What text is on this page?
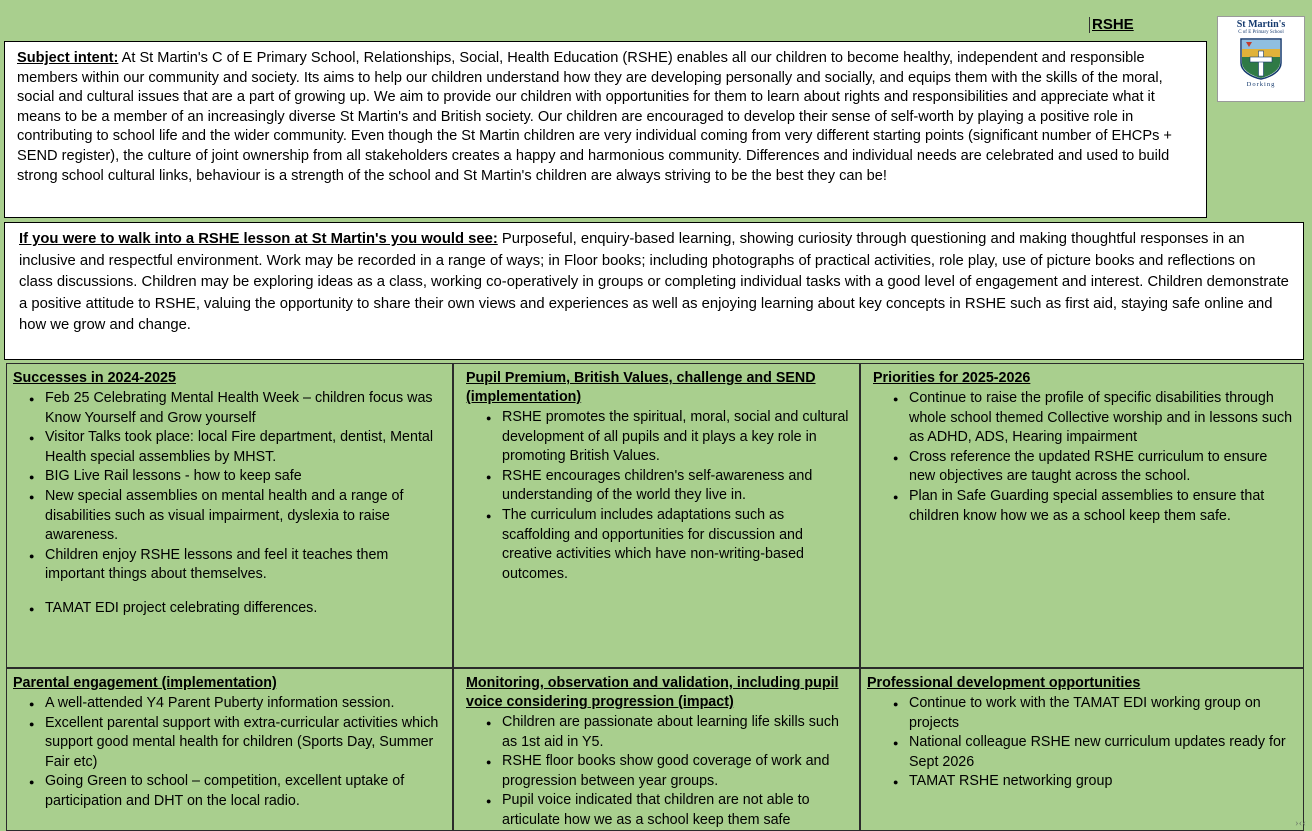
RSHE	St Martin's
C of E Primary School
Dorking
Subject intent: At St Martin's C of E Primary School, Relationships, Social, Health Education (RSHE) enables all our children to become healthy, independent and responsible members within our community and society. Its aims to help our children understand how they are developing personally and socially, and equips them with the skills of the moral, social and cultural issues that are a part of growing up. We aim to provide our children with opportunities for them to learn about rights and responsibilities and appreciate what it means to be a member of an increasingly diverse St Martin's and British society. Our children are encouraged to develop their sense of self-worth by playing a positive role in contributing to school life and the wider community. Even though the St Martin children are very individual coming from very different starting points (significant number of EHCPs + SEND register), the culture of joint ownership from all stakeholders creates a happy and harmonious community. Differences and individual needs are celebrated and used to build strong school cultural links, behaviour is a strength of the school and St Martin's children are always striving to be the best they can be!
If you were to walk into a RSHE lesson at St Martin's you would see: Purposeful, enquiry-based learning, showing curiosity through questioning and making thoughtful responses in an inclusive and respectful environment. Work may be recorded in a range of ways; in Floor books; including photographs of practical activities, role play, use of picture books and reflections on class discussions. Children may be exploring ideas as a class, working co-operatively in groups or completing individual tasks with a good level of engagement and interest. Children demonstrate a positive attitude to RSHE, valuing the opportunity to share their own views and experiences as well as enjoying learning about key concepts in RSHE such as first aid, staying safe online and how we grow and change.
Successes in 2024-2025
● Feb 25 Celebrating Mental Health Week – children focus was Know Yourself and Grow yourself
● Visitor Talks took place: local Fire department, dentist, Mental Health special assemblies by MHST.
● BIG Live Rail lessons - how to keep safe
● New special assemblies on mental health and a range of disabilities such as visual impairment, dyslexia to raise awareness.
● Children enjoy RSHE lessons and feel it teaches them important things about themselves.
● TAMAT EDI project celebrating differences.
Pupil Premium, British Values, challenge and SEND (implementation)
● RSHE promotes the spiritual, moral, social and cultural development of all pupils and it plays a key role in promoting British Values.
● RSHE encourages children's self-awareness and understanding of the world they live in.
● The curriculum includes adaptations such as scaffolding and opportunities for discussion and creative activities which have non-writing-based outcomes.
Priorities for 2025-2026
● Continue to raise the profile of specific disabilities through whole school themed Collective worship and in lessons such as ADHD, ADS, Hearing impairment
● Cross reference the updated RSHE curriculum to ensure new objectives are taught across the school.
● Plan in Safe Guarding special assemblies to ensure that children know how we as a school keep them safe.
Parental engagement (implementation)
● A well-attended Y4 Parent Puberty information session.
● Excellent parental support with extra-curricular activities which support good mental health for children (Sports Day, Summer Fair etc)
● Going Green to school – competition, excellent uptake of participation and DHT on the local radio.
Monitoring, observation and validation, including pupil voice considering progression (impact)
● Children are passionate about learning life skills such as 1st aid in Y5.
● RSHE floor books show good coverage of work and progression between year groups.
● Pupil voice indicated that children are not able to articulate how we as a school keep them safe
Professional development opportunities
● Continue to work with the TAMAT EDI working group on projects
● National colleague RSHE new curriculum updates ready for Sept 2026
● TAMAT RSHE networking group
›‹‹
